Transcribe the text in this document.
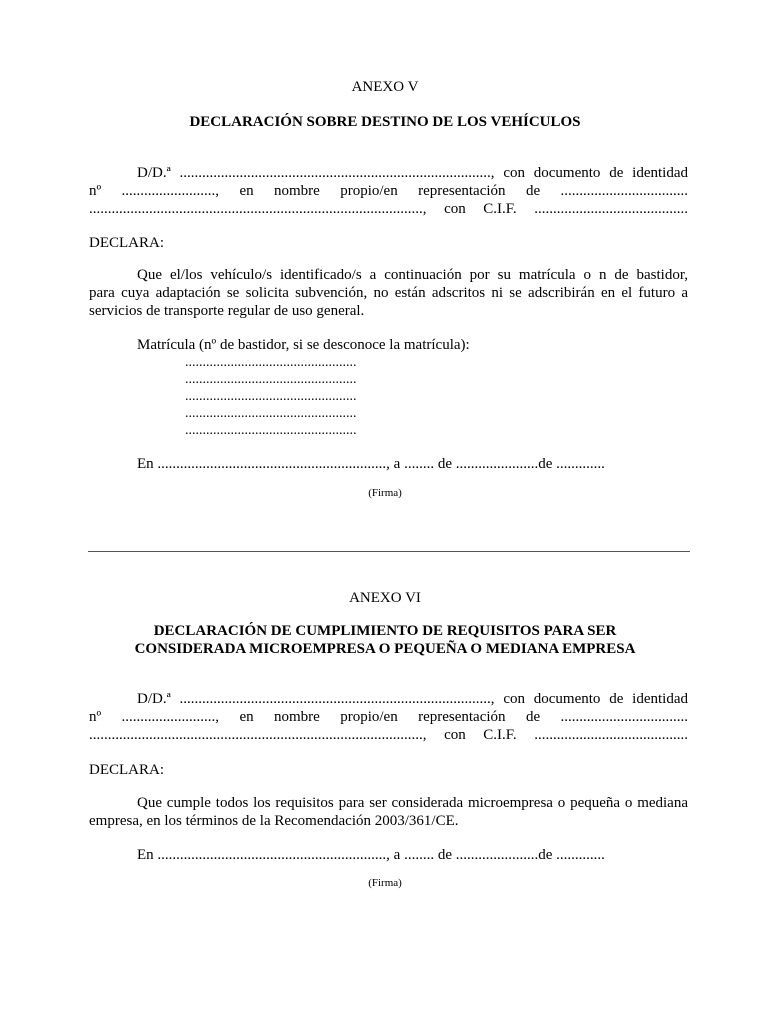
ANEXO V
DECLARACIÓN SOBRE DESTINO DE LOS VEHÍCULOS
D/D.ª ..................................................................................., con documento de identidad
nº ........................., en nombre propio/en representación de ..................................
........................................................................................., con C.I.F. .........................................
DECLARA:
Que el/los vehículo/s identificado/s a continuación por su matrícula o n de bastidor,
para cuya adaptación se solicita subvención, no están adscritos ni se adscribirán en el futuro a
servicios de transporte regular de uso general.
Matrícula (nº de bastidor, si se desconoce la matrícula):
.................................................
.................................................
.................................................
.................................................
.................................................
En ............................................................., a ........ de ......................de .............
(Firma)
ANEXO VI
DECLARACIÓN DE CUMPLIMIENTO DE REQUISITOS PARA SER
CONSIDERADA MICROEMPRESA O PEQUEÑA O MEDIANA EMPRESA
D/D.ª ..................................................................................., con documento de identidad
nº ........................., en nombre propio/en representación de ..................................
........................................................................................., con C.I.F. .........................................
DECLARA:
Que cumple todos los requisitos para ser considerada microempresa o pequeña o mediana
empresa, en los términos de la Recomendación 2003/361/CE.
En ............................................................., a ........ de ......................de .............
(Firma)
